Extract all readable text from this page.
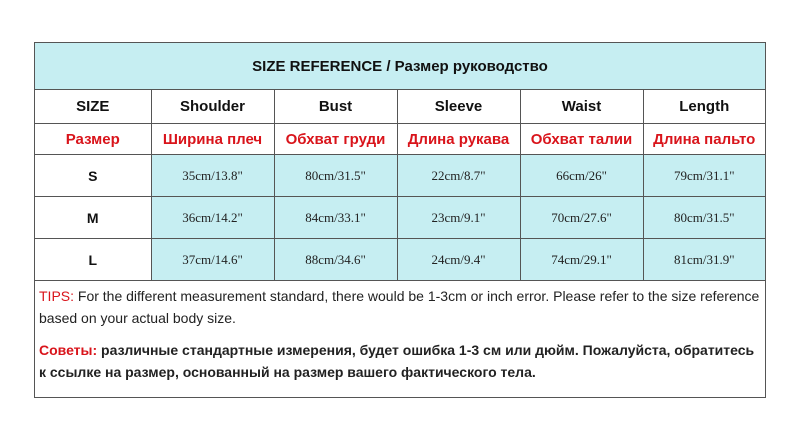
SIZE REFERENCE / Размер руководство
SIZE	Shoulder	Bust	Sleeve	Waist	Length
Размер	Ширина плеч	Обхват груди	Длина рукава	Обхват талии	Длина пальто
S	35cm/13.8"	80cm/31.5"	22cm/8.7"	66cm/26"	79cm/31.1"
M	36cm/14.2"	84cm/33.1"	23cm/9.1"	70cm/27.6"	80cm/31.5"
L	37cm/14.6"	88cm/34.6"	24cm/9.4"	74cm/29.1"	81cm/31.9"
TIPS: For the different measurement standard, there would be 1-3cm or inch error. Please refer to the size reference based on your actual body size.
Советы: различные стандартные измерения, будет ошибка 1-3 см или дюйм. Пожалуйста, обратитесь к ссылке на размер, основанный на размер вашего фактического тела.
